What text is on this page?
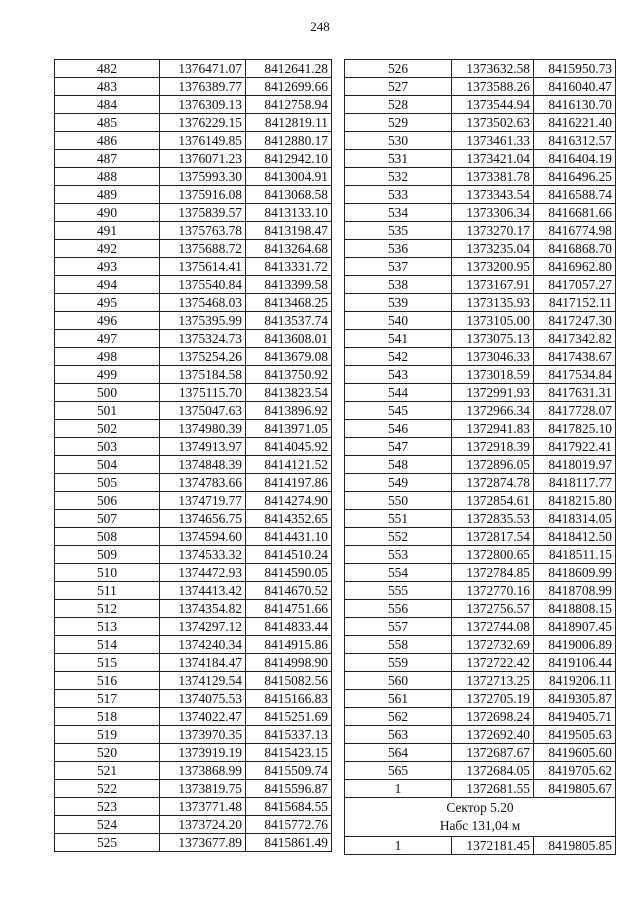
248
482	1376471.07	8412641.28
483	1376389.77	8412699.66
484	1376309.13	8412758.94
485	1376229.15	8412819.11
486	1376149.85	8412880.17
487	1376071.23	8412942.10
488	1375993.30	8413004.91
489	1375916.08	8413068.58
490	1375839.57	8413133.10
491	1375763.78	8413198.47
492	1375688.72	8413264.68
493	1375614.41	8413331.72
494	1375540.84	8413399.58
495	1375468.03	8413468.25
496	1375395.99	8413537.74
497	1375324.73	8413608.01
498	1375254.26	8413679.08
499	1375184.58	8413750.92
500	1375115.70	8413823.54
501	1375047.63	8413896.92
502	1374980.39	8413971.05
503	1374913.97	8414045.92
504	1374848.39	8414121.52
505	1374783.66	8414197.86
506	1374719.77	8414274.90
507	1374656.75	8414352.65
508	1374594.60	8414431.10
509	1374533.32	8414510.24
510	1374472.93	8414590.05
511	1374413.42	8414670.52
512	1374354.82	8414751.66
513	1374297.12	8414833.44
514	1374240.34	8414915.86
515	1374184.47	8414998.90
516	1374129.54	8415082.56
517	1374075.53	8415166.83
518	1374022.47	8415251.69
519	1373970.35	8415337.13
520	1373919.19	8415423.15
521	1373868.99	8415509.74
522	1373819.75	8415596.87
523	1373771.48	8415684.55
524	1373724.20	8415772.76
525	1373677.89	8415861.49
526	1373632.58	8415950.73
527	1373588.26	8416040.47
528	1373544.94	8416130.70
529	1373502.63	8416221.40
530	1373461.33	8416312.57
531	1373421.04	8416404.19
532	1373381.78	8416496.25
533	1373343.54	8416588.74
534	1373306.34	8416681.66
535	1373270.17	8416774.98
536	1373235.04	8416868.70
537	1373200.95	8416962.80
538	1373167.91	8417057.27
539	1373135.93	8417152.11
540	1373105.00	8417247.30
541	1373075.13	8417342.82
542	1373046.33	8417438.67
543	1373018.59	8417534.84
544	1372991.93	8417631.31
545	1372966.34	8417728.07
546	1372941.83	8417825.10
547	1372918.39	8417922.41
548	1372896.05	8418019.97
549	1372874.78	8418117.77
550	1372854.61	8418215.80
551	1372835.53	8418314.05
552	1372817.54	8418412.50
553	1372800.65	8418511.15
554	1372784.85	8418609.99
555	1372770.16	8418708.99
556	1372756.57	8418808.15
557	1372744.08	8418907.45
558	1372732.69	8419006.89
559	1372722.42	8419106.44
560	1372713.25	8419206.11
561	1372705.19	8419305.87
562	1372698.24	8419405.71
563	1372692.40	8419505.63
564	1372687.67	8419605.60
565	1372684.05	8419705.62
1	1372681.55	8419805.67

Сектор 5.20
Набс 131,04 м		

1	1372181.45	8419805.85
